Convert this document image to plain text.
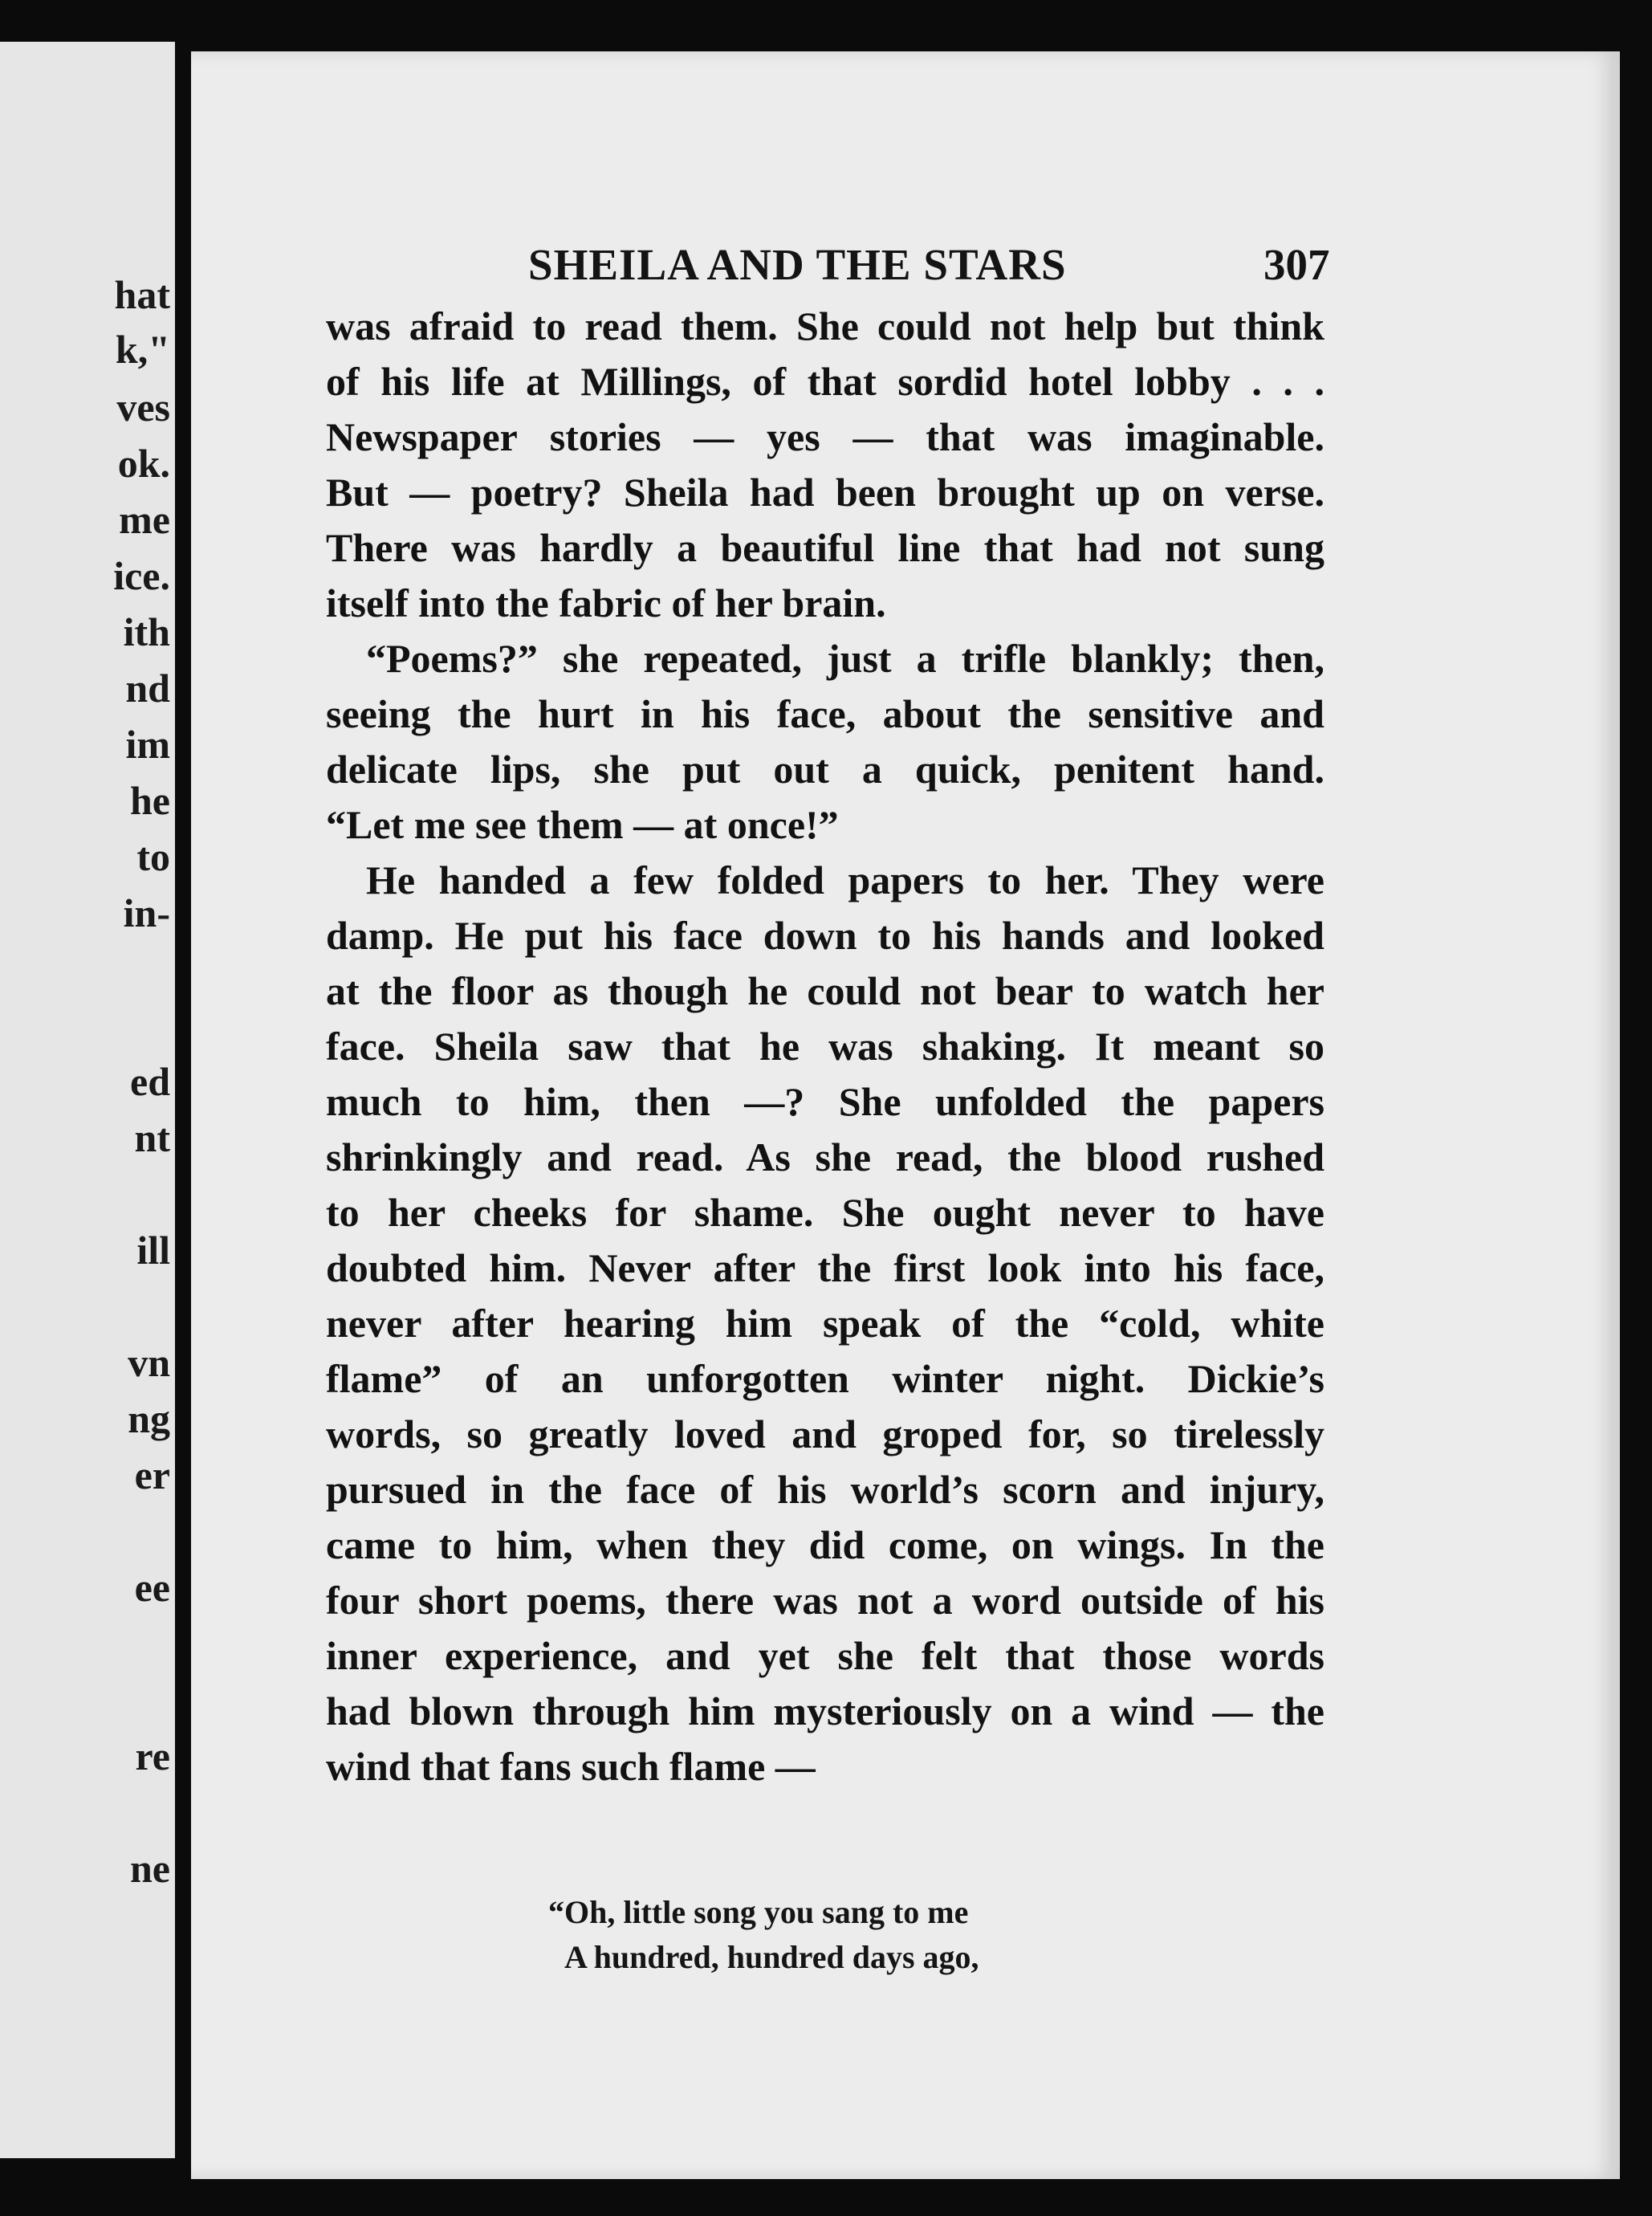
hat
k,"
ves
ok.
me
ice.
ith
nd
im
he
to
in-
ed
nt
ill
vn
ng
er
ee
re
ne
SHEILA AND THE STARS	307
was afraid to read them. She could not help but think
of his life at Millings, of that sordid hotel lobby . . .
Newspaper stories — yes — that was imaginable.
But — poetry? Sheila had been brought up on verse.
There was hardly a beautiful line that had not sung
itself into the fabric of her brain.
“Poems?” she repeated, just a trifle blankly; then,
seeing the hurt in his face, about the sensitive and
delicate lips, she put out a quick, penitent hand.
“Let me see them — at once!”
He handed a few folded papers to her. They were
damp. He put his face down to his hands and looked
at the floor as though he could not bear to watch her
face. Sheila saw that he was shaking. It meant so
much to him, then —? She unfolded the papers
shrinkingly and read. As she read, the blood rushed
to her cheeks for shame. She ought never to have
doubted him. Never after the first look into his face,
never after hearing him speak of the “cold, white
flame” of an unforgotten winter night. Dickie’s
words, so greatly loved and groped for, so tirelessly
pursued in the face of his world’s scorn and injury,
came to him, when they did come, on wings. In the
four short poems, there was not a word outside of his
inner experience, and yet she felt that those words
had blown through him mysteriously on a wind — the
wind that fans such flame —
“Oh, little song you sang to me
A hundred, hundred days ago,
